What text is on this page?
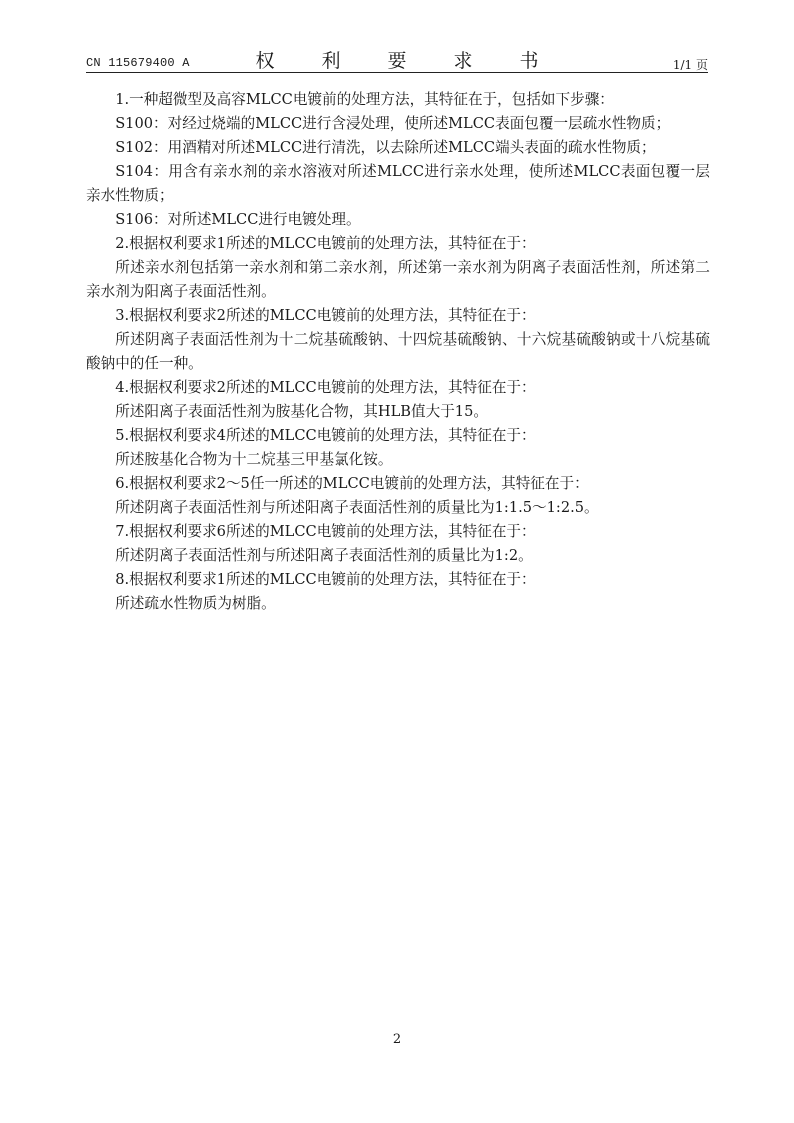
CN 115679400 A	权　利　要　求　书	1/1 页

1.一种超微型及高容MLCC电镀前的处理方法，其特征在于，包括如下步骤：

S100：对经过烧端的MLCC进行含浸处理，使所述MLCC表面包覆一层疏水性物质；

S102：用酒精对所述MLCC进行清洗，以去除所述MLCC端头表面的疏水性物质；

S104：用含有亲水剂的亲水溶液对所述MLCC进行亲水处理，使所述MLCC表面包覆一层亲水性物质；

S106：对所述MLCC进行电镀处理。

2.根据权利要求1所述的MLCC电镀前的处理方法，其特征在于：

所述亲水剂包括第一亲水剂和第二亲水剂，所述第一亲水剂为阴离子表面活性剂，所述第二亲水剂为阳离子表面活性剂。

3.根据权利要求2所述的MLCC电镀前的处理方法，其特征在于：

所述阴离子表面活性剂为十二烷基硫酸钠、十四烷基硫酸钠、十六烷基硫酸钠或十八烷基硫酸钠中的任一种。

4.根据权利要求2所述的MLCC电镀前的处理方法，其特征在于：

所述阳离子表面活性剂为胺基化合物，其HLB值大于15。

5.根据权利要求4所述的MLCC电镀前的处理方法，其特征在于：

所述胺基化合物为十二烷基三甲基氯化铵。

6.根据权利要求2～5任一所述的MLCC电镀前的处理方法，其特征在于：

所述阴离子表面活性剂与所述阳离子表面活性剂的质量比为1:1.5～1:2.5。

7.根据权利要求6所述的MLCC电镀前的处理方法，其特征在于：

所述阴离子表面活性剂与所述阳离子表面活性剂的质量比为1:2。

8.根据权利要求1所述的MLCC电镀前的处理方法，其特征在于：

所述疏水性物质为树脂。

2
